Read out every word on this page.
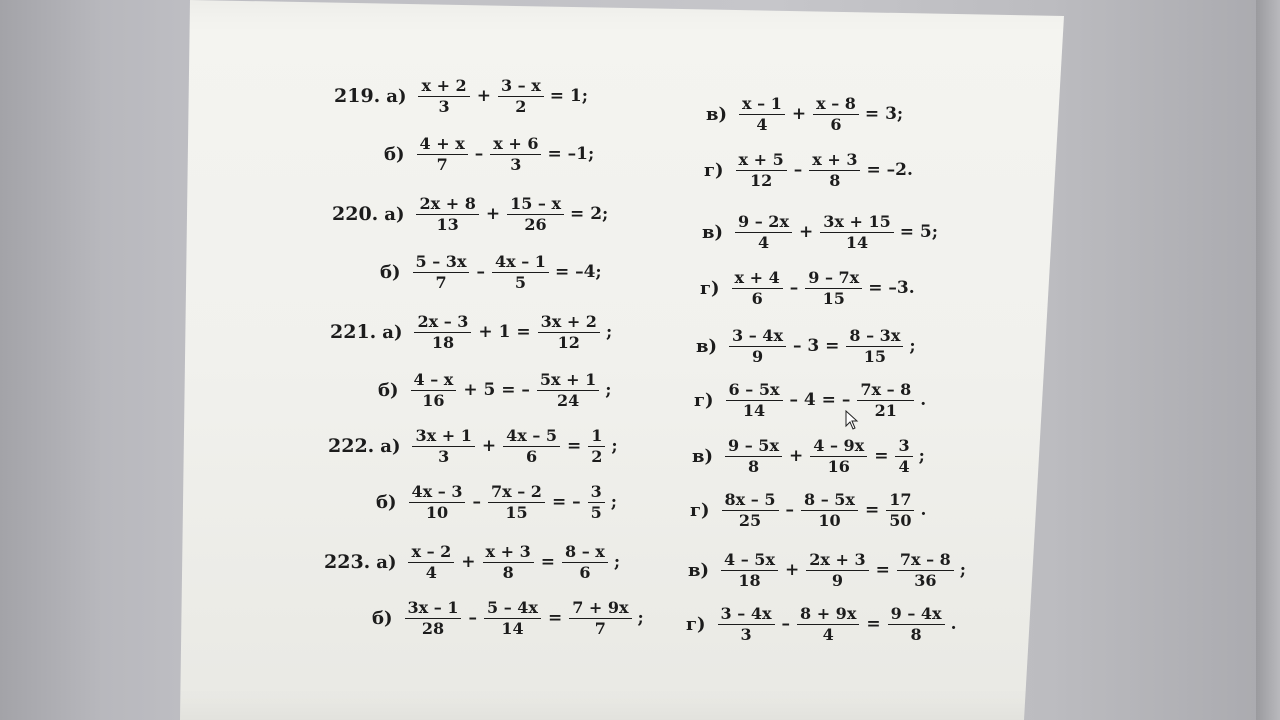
219. $а) \frac{x + 2}{3} + \frac{3 - x}{2} = 1$;
$б) \frac{4 + x}{7} - \frac{x + 6}{3} = -1$;
$в) \frac{x - 1}{4} + \frac{x - 8}{6} = 3$;
$г) \frac{x + 5}{12} - \frac{x + 3}{8} = -2$.
220. $а) \frac{2x + 8}{13} + \frac{15 - x}{26} = 2$;
$б) \frac{5 - 3x}{7} - \frac{4x - 1}{5} = -4$;
$в) \frac{9 - 2x}{4} + \frac{3x + 15}{14} = 5$;
$г) \frac{x + 4}{6} - \frac{9 - 7x}{15} = -3$.
221. $а) \frac{2x - 3}{18} + 1 = \frac{3x + 2}{12}$ ;
$б) \frac{4 - x}{16} + 5$ = – $\frac{5x + 1}{24}$ ;
$в) \frac{3 - 4x}{9} - 3 = \frac{8 - 3x}{15}$ ;
$г) \frac{6 - 5x}{14} - 4$ = – $\frac{7x - 8}{21}$ .
222. $а) \frac{3x + 1}{3} + \frac{4x - 5}{6} = \frac{1}{2}$ ;
$б) \frac{4x - 3}{10} - \frac{7x - 2}{15}$ = – $\frac{3}{5}$ ;
$в) \frac{9 - 5x}{8} + \frac{4 - 9x}{16} = \frac{3}{4}$ ;
$г) \frac{8x - 5}{25} - \frac{8 - 5x}{10} = \frac{17}{50}$ .
223. $а) \frac{x - 2}{4} + \frac{x + 3}{8} = \frac{8 - x}{6}$ ;
$б) \frac{3x - 1}{28} - \frac{5 - 4x}{14} = \frac{7 + 9x}{7}$ ;
$в) \frac{4 - 5x}{18} + \frac{2x + 3}{9} = \frac{7x - 8}{36}$ ;
$г) \frac{3 - 4x}{3} - \frac{8 + 9x}{4} = \frac{9 - 4x}{8}$ .
